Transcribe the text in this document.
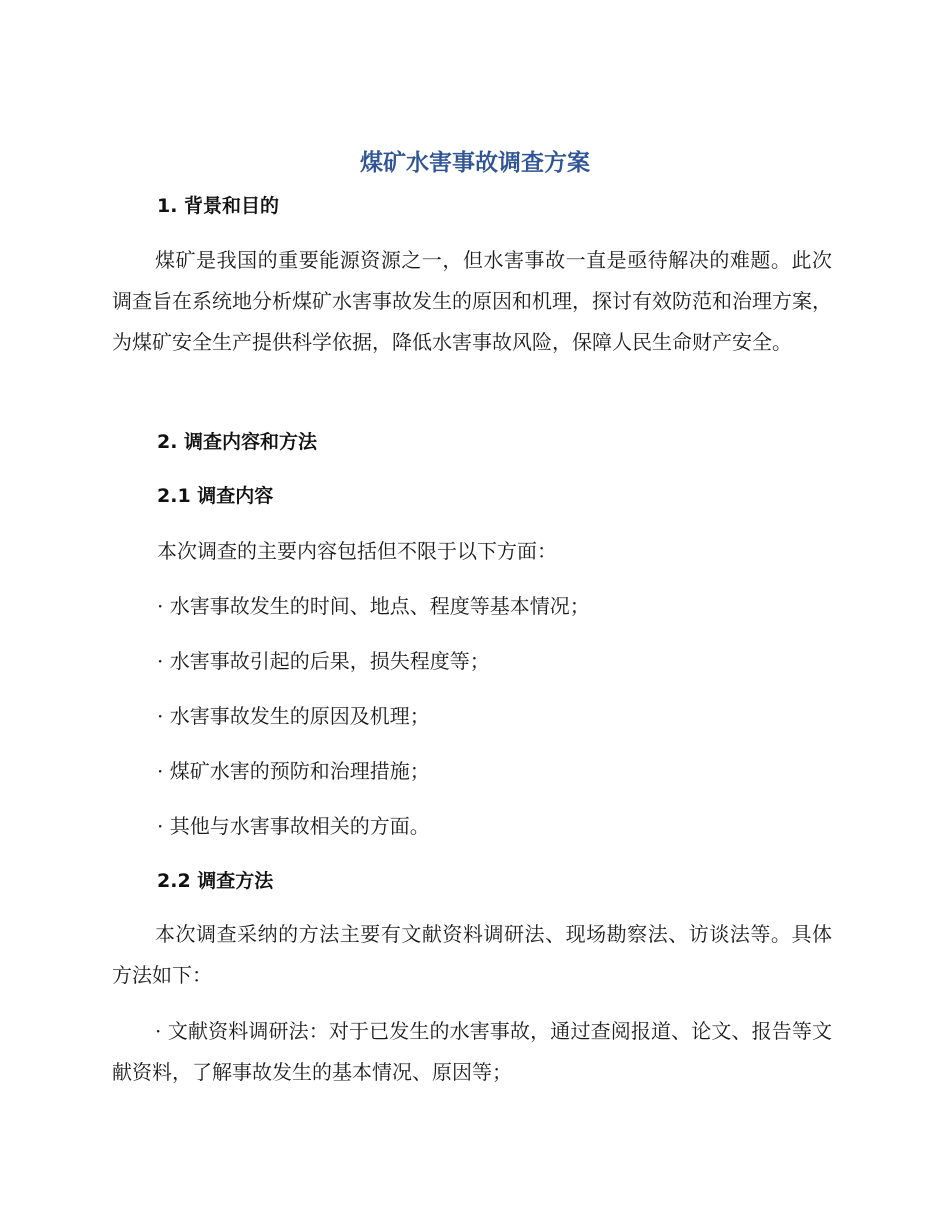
煤矿水害事故调查方案
1. 背景和目的
煤矿是我国的重要能源资源之一，但水害事故一直是亟待解决的难题。此次调查旨在系统地分析煤矿水害事故发生的原因和机理，探讨有效防范和治理方案，为煤矿安全生产提供科学依据，降低水害事故风险，保障人民生命财产安全。
2. 调查内容和方法
2.1 调查内容
本次调查的主要内容包括但不限于以下方面：
· 水害事故发生的时间、地点、程度等基本情况；
· 水害事故引起的后果，损失程度等；
· 水害事故发生的原因及机理；
· 煤矿水害的预防和治理措施；
· 其他与水害事故相关的方面。
2.2 调查方法
本次调查采纳的方法主要有文献资料调研法、现场勘察法、访谈法等。具体方法如下：
· 文献资料调研法：对于已发生的水害事故，通过查阅报道、论文、报告等文献资料，了解事故发生的基本情况、原因等；
